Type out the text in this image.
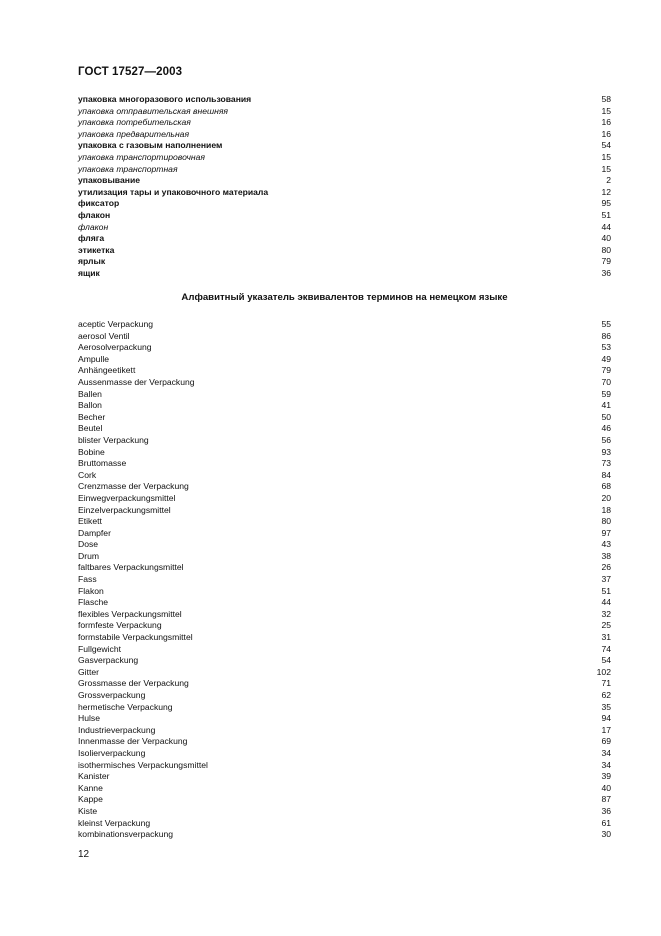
ГОСТ 17527—2003
упаковка многоразового использования	58
упаковка отправительская внешняя	15
упаковка потребительская	16
упаковка предварительная	16
упаковка с газовым наполнением	54
упаковка транспортировочная	15
упаковка транспортная	15
упаковывание	2
утилизация тары и упаковочного материала	12
фиксатор	95
флакон	51
флакон	44
фляга	40
этикетка	80
ярлык	79
ящик	36
Алфавитный указатель эквивалентов терминов на немецком языке
aceptic Verpackung	55
aerosol Ventil	86
Aerosolverpackung	53
Ampulle	49
Anhängeetikett	79
Aussenmasse der Verpackung	70
Ballen	59
Ballon	41
Becher	50
Beutel	46
blister Verpackung	56
Bobine	93
Bruttomasse	73
Cork	84
Crenzmasse der Verpackung	68
Einwegverpackungsmittel	20
Einzelverpackungsmittel	18
Etikett	80
Dampfer	97
Dose	43
Drum	38
faltbares Verpackungsmittel	26
Fass	37
Flakon	51
Flasche	44
flexibles Verpackungsmittel	32
formfeste Verpackung	25
formstabile Verpackungsmittel	31
Fullgewicht	74
Gasverpackung	54
Gitter	102
Grossmasse der Verpackung	71
Grossverpackung	62
hermetische Verpackung	35
Hulse	94
Industrieverpackung	17
Innenmasse der Verpackung	69
Isolierverpackung	34
isothermisches Verpackungsmittel	34
Kanister	39
Kanne	40
Kappe	87
Kiste	36
kleinst Verpackung	61
kombinationsverpackung	30
12
